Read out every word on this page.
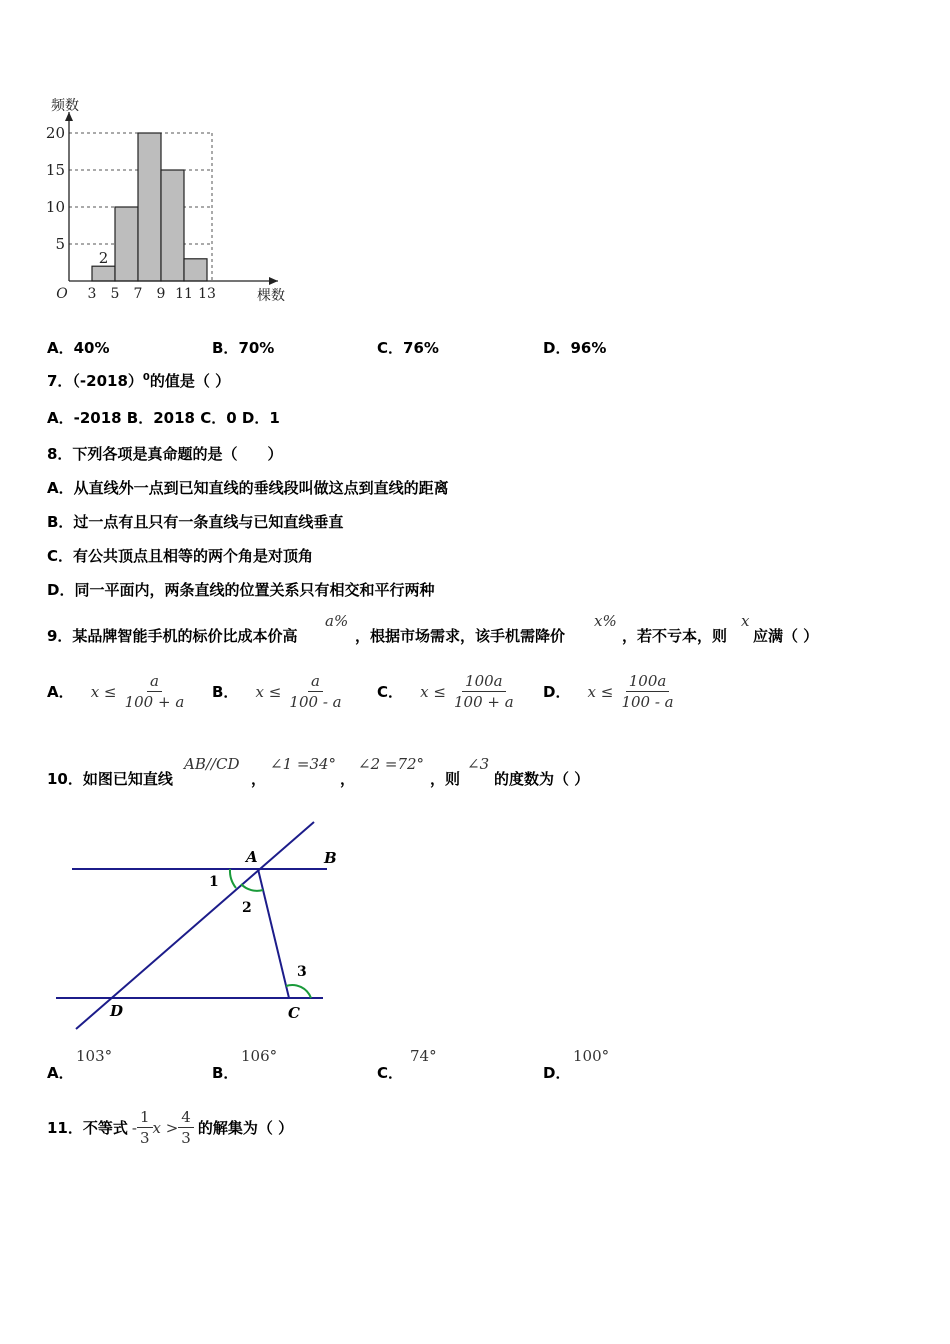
5
10
15
20
2
3 5 7 9 11 13
O
频数
棵数
A．40%	B．70%	C．76%	D．96%
7．$(-2018)^0$的值是（ ）
A．-2018 B．2018 C．0 D．1
8．下列各项是真命题的是（　　）
A．从直线外一点到已知直线的垂线段叫做这点到直线的距离
B．过一点有且只有一条直线与已知直线垂直
C．有公共顶点且相等的两个角是对顶角
D．同一平面内，两条直线的位置关系只有相交和平行两种
9．某品牌智能手机的标价比成本价高
a%
，根据市场需求，该手机需降价
x%
，若不亏本，则
x
应满（ ）
A． $x \le \frac{a}{100 + a}$ B． $x \le \frac{a}{100 - a}$ C． $x \le \frac{100a}{100 + a}$ D． $x \le \frac{100a}{100 - a}$
10．如图已知直线
AB//CD
，
∠1 =34°
，
∠2 =72°
，则
∠3
的度数为（ ）
A	B
C
D
1
2
3
A．
103°
B．
106°
C．
74°
D．
100°
11．不等式 - $\frac{1}{3}$ $x > \frac{4}{3}$ 的解集为（ ）
